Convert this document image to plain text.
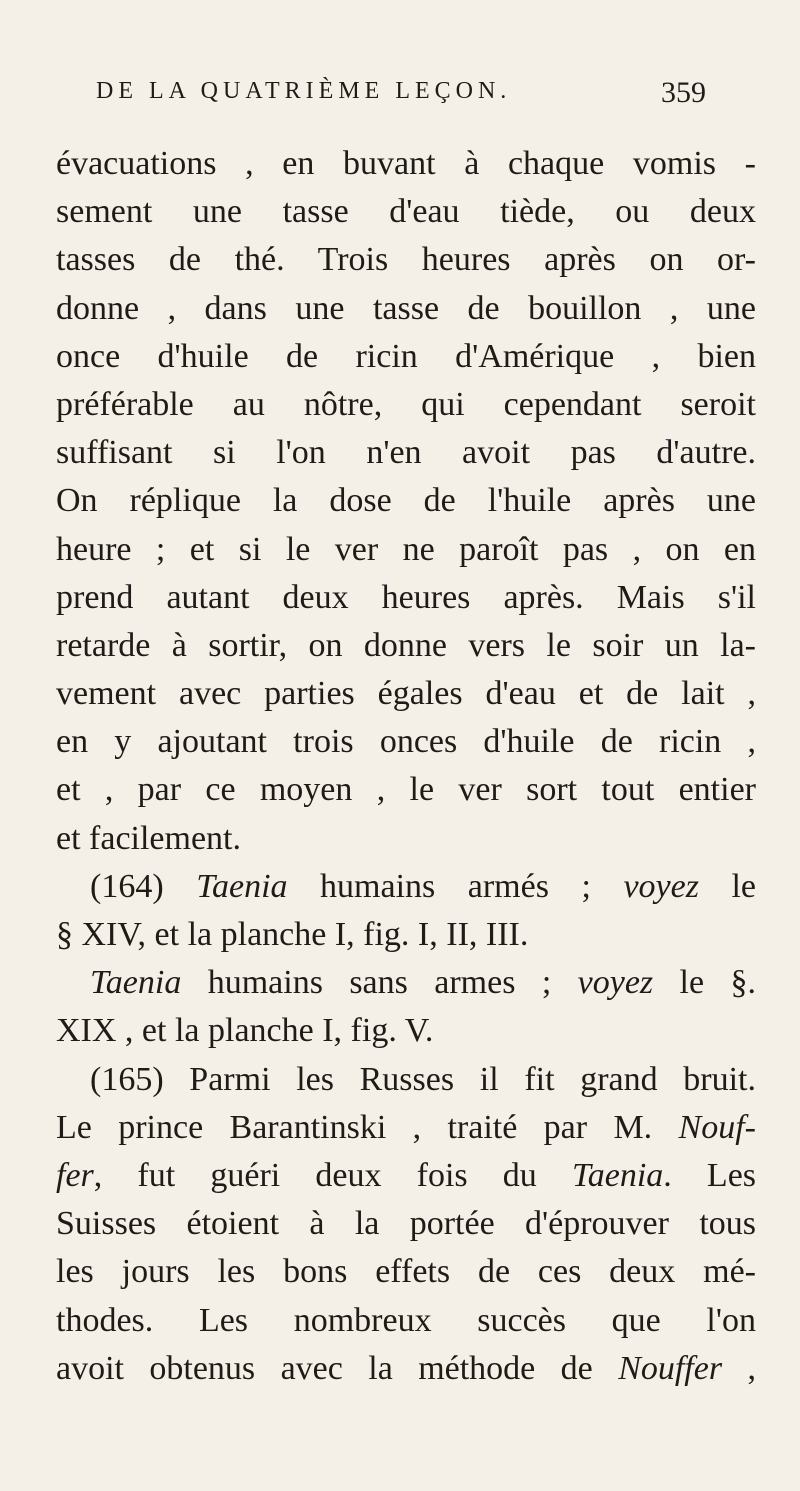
DE LA QUATRIÈME LEÇON.	359
évacuations , en buvant à chaque vomis -
sement une tasse d'eau tiède, ou deux
tasses de thé. Trois heures après on or-
donne , dans une tasse de bouillon , une
once d'huile de ricin d'Amérique , bien
préférable au nôtre, qui cependant seroit
suffisant si l'on n'en avoit pas d'autre.
On réplique la dose de l'huile après une
heure ; et si le ver ne paroît pas , on en
prend autant deux heures après. Mais s'il
retarde à sortir, on donne vers le soir un la-
vement avec parties égales d'eau et de lait ,
en y ajoutant trois onces d'huile de ricin ,
et , par ce moyen , le ver sort tout entier
et facilement.
(164) Taenia humains armés ; voyez le
§ XIV, et la planche I, fig. I, II, III.
Taenia humains sans armes ; voyez le §.
XIX , et la planche I, fig. V.
(165) Parmi les Russes il fit grand bruit.
Le prince Barantinski , traité par M. Nouf-
fer, fut guéri deux fois du Taenia. Les
Suisses étoient à la portée d'éprouver tous
les jours les bons effets de ces deux mé-
thodes. Les nombreux succès que l'on
avoit obtenus avec la méthode de Nouffer ,
